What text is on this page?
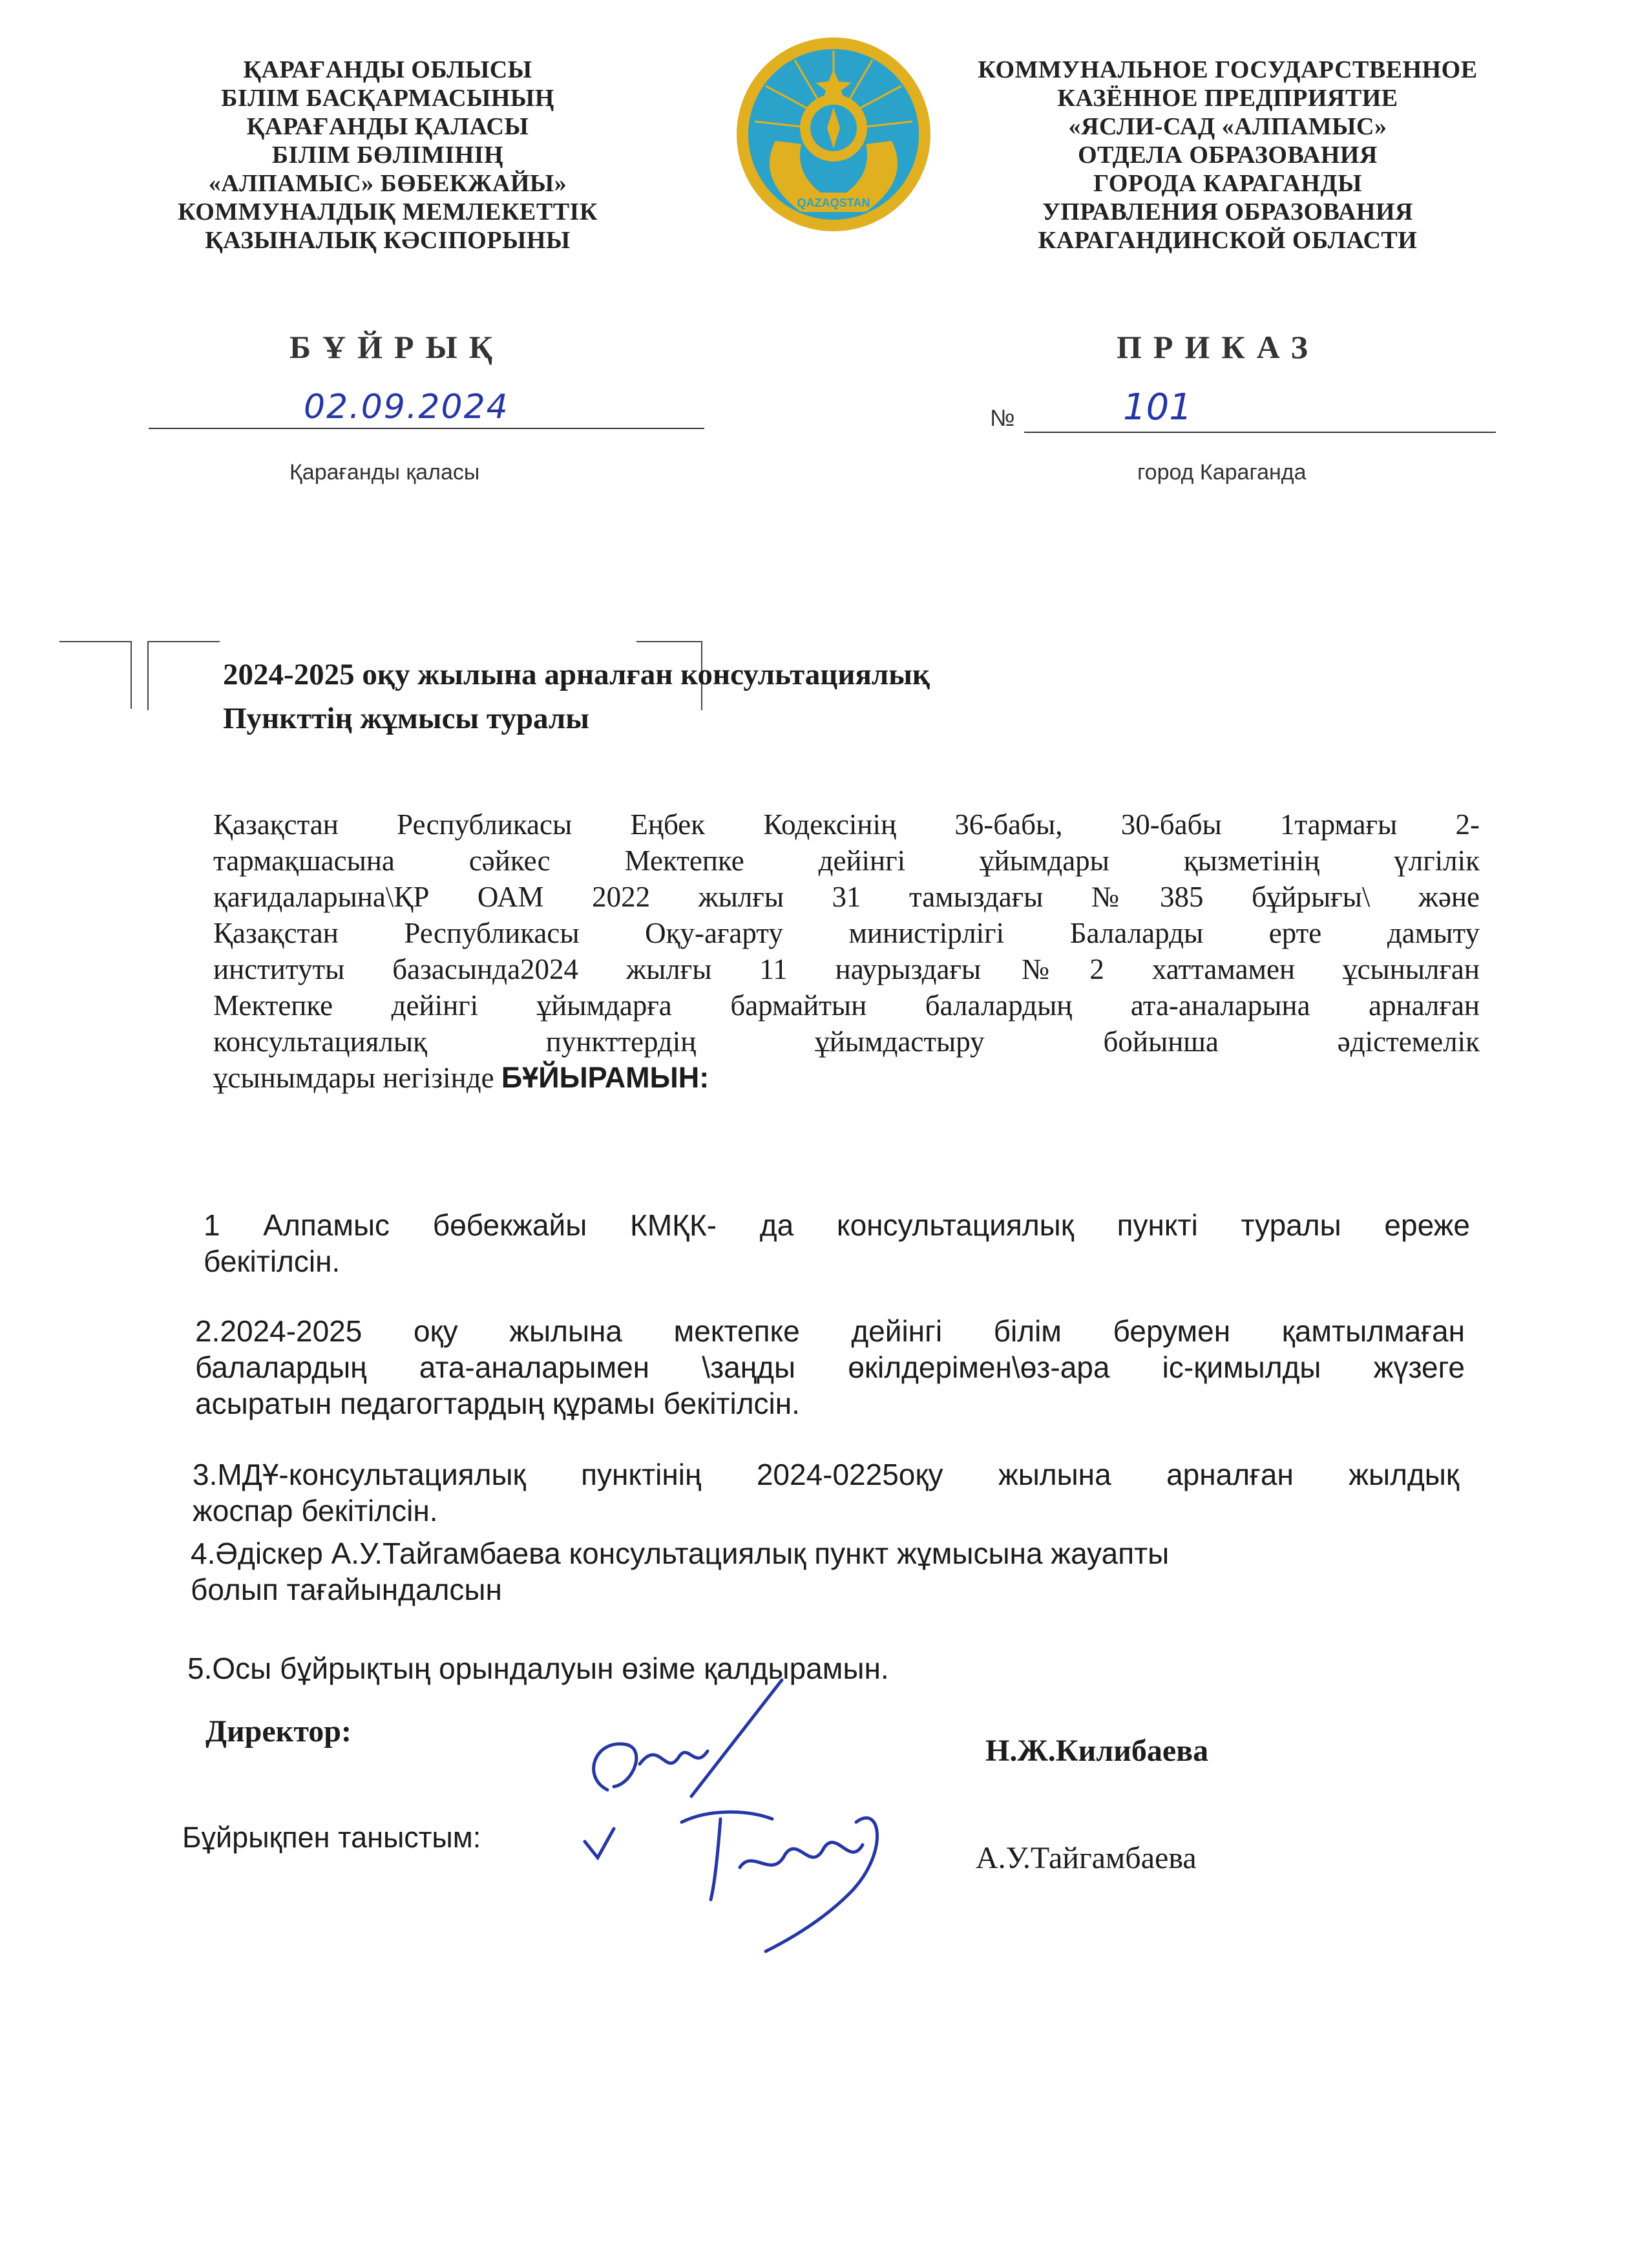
ҚАРАҒАНДЫ ОБЛЫСЫ
БІЛІМ БАСҚАРМАСЫНЫҢ
ҚАРАҒАНДЫ ҚАЛАСЫ
БІЛІМ БӨЛІМІНІҢ
«АЛПАМЫС» БӨБЕКЖАЙЫ»
КОММУНАЛДЫҚ МЕМЛЕКЕТТІК
ҚАЗЫНАЛЫҚ КӘСІПОРЫНЫ
QAZAQSTAN
КОММУНАЛЬНОЕ ГОСУДАРСТВЕННОЕ
КАЗЁННОЕ ПРЕДПРИЯТИЕ
«ЯСЛИ-САД «АЛПАМЫС»
ОТДЕЛА ОБРАЗОВАНИЯ
ГОРОДА КАРАГАНДЫ
УПРАВЛЕНИЯ ОБРАЗОВАНИЯ
КАРАГАНДИНСКОЙ ОБЛАСТИ
БҰЙРЫҚ	ПРИКАЗ
02.09.2024	№	101
Қарағанды қаласы	город Караганда
2024-2025 оқу жылына арналған консультациялық
Пункттің жұмысы туралы
Қазақстан Республикасы Еңбек Кодексінің 36-бабы, 30-бабы 1тармағы 2-
тармақшасына сәйкес Мектепке дейінгі ұйымдары қызметінің үлгілік
қағидаларына\ҚР ОАМ 2022 жылғы 31 тамыздағы №385 бұйрығы\ және
Қазақстан Республикасы Оқу-ағарту министірлігі Балаларды ерте дамыту
институты базасында2024 жылғы 11 наурыздағы№2 хаттамамен ұсынылған
Мектепке дейінгі ұйымдарға бармайтын балалардың ата-аналарына арналған
консультациялық пункттердің ұйымдастыру бойынша әдістемелік
ұсынымдары негізінде БҰЙЫРАМЫН:
1 Алпамыс бөбекжайы КМҚК- да консультациялық пункті туралы ереже
бекітілсін.
2.2024-2025 оқу жылына мектепке дейінгі білім берумен қамтылмаған
балалардың ата-аналарымен \заңды өкілдерімен\өз-ара іс-қимылды жүзеге
асыратын педагогтардың құрамы бекітілсін.
3.МДҰ-консультациялық пунктінің 2024-0225оқу жылына арналған жылдық
жоспар бекітілсін.
4.Әдіскер А.У.Тайгамбаева консультациялық пункт жұмысына жауапты
болып тағайындалсын
5.Осы бұйрықтың орындалуын өзіме қалдырамын.
Директор:
Н.Ж.Килибаева
Бұйрықпен таныстым:
А.У.Тайгамбаева
